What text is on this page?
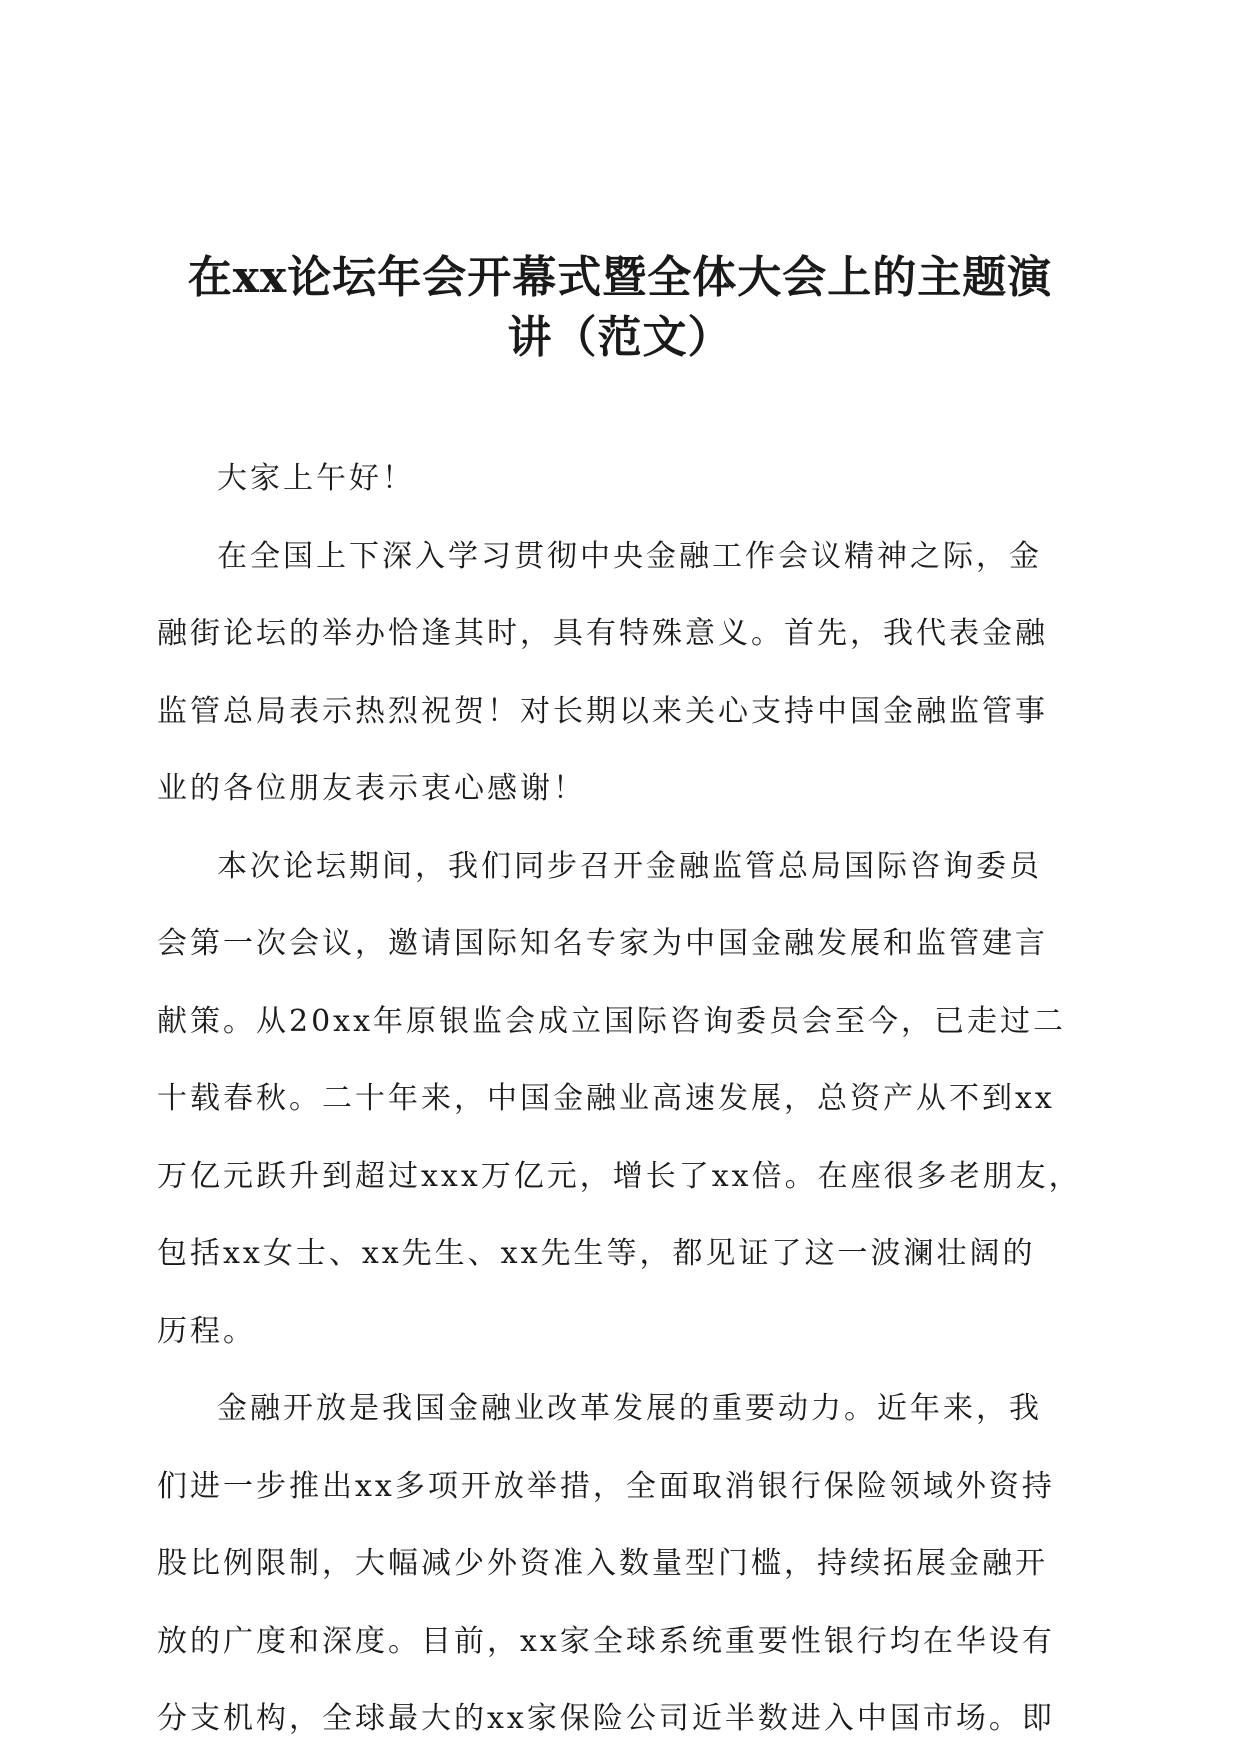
在xx论坛年会开幕式暨全体大会上的主题演
讲（范文）

大家上午好！

在全国上下深入学习贯彻中央金融工作会议精神之际，金
融街论坛的举办恰逢其时，具有特殊意义。首先，我代表金融
监管总局表示热烈祝贺！对长期以来关心支持中国金融监管事
业的各位朋友表示衷心感谢！

本次论坛期间，我们同步召开金融监管总局国际咨询委员
会第一次会议，邀请国际知名专家为中国金融发展和监管建言
献策。从20xx年原银监会成立国际咨询委员会至今，已走过二
十载春秋。二十年来，中国金融业高速发展，总资产从不到xx
万亿元跃升到超过xxx万亿元，增长了xx倍。在座很多老朋友，
包括xx女士、xx先生、xx先生等，都见证了这一波澜壮阔的
历程。

金融开放是我国金融业改革发展的重要动力。近年来，我
们进一步推出xx多项开放举措，全面取消银行保险领域外资持
股比例限制，大幅减少外资准入数量型门槛，持续拓展金融开
放的广度和深度。目前，xx家全球系统重要性银行均在华设有
分支机构，全球最大的xx家保险公司近半数进入中国市场。即
